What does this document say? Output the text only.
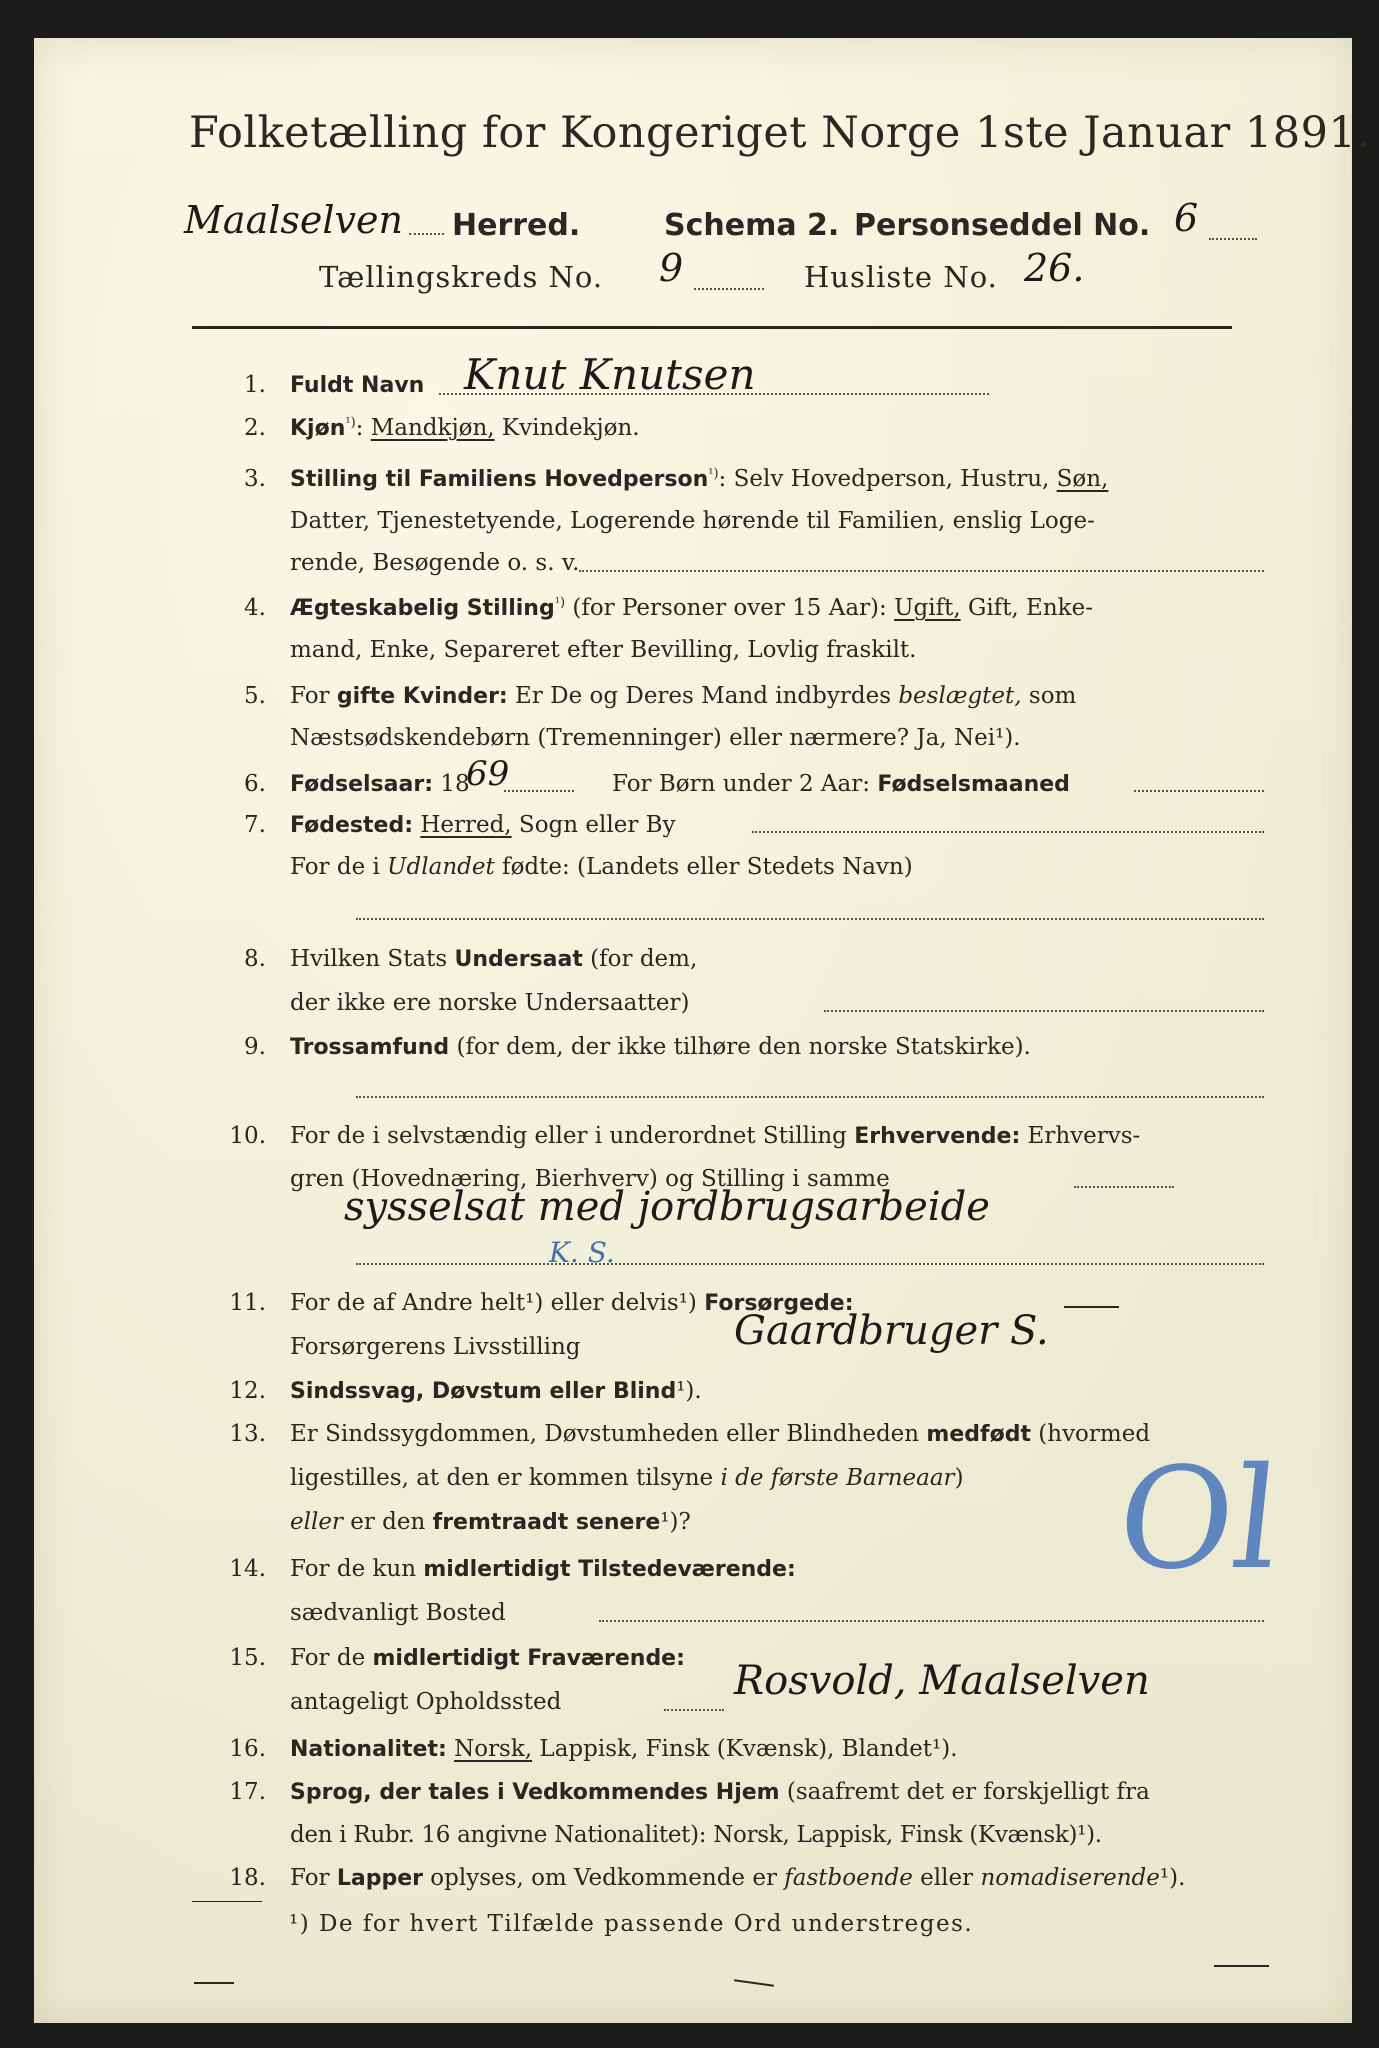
Folketælling for Kongeriget Norge 1ste Januar 1891.
Maalselven Herred.	Schema 2. Personseddel No. 6
Tællingskreds No. 9	Husliste No. 26.
1. Fuldt Navn Knut Knutsen
2. Kjøn$^{^1)}$: Mandkjøn, Kvindekjøn.
3. Stilling til Familiens Hovedperson$^{^1)}$: Selv Hovedperson, Hustru, Søn,
Datter, Tjenestetyende, Logerende hørende til Familien, enslig Loge-
rende, Besøgende o. s. v.
4. Ægteskabelig Stilling$^{^1)}$ (for Personer over 15 Aar): Ugift, Gift, Enke-
mand, Enke, Separeret efter Bevilling, Lovlig fraskilt.
5. For gifte Kvinder: Er De og Deres Mand indbyrdes beslægtet, som
Næstsødskendebørn (Tremenninger) eller nærmere? Ja, Nei¹).
6. Fødselsaar: 18
69	For Børn under 2 Aar: Fødselsmaaned
7. Fødested: Herred, Sogn eller By
For de i Udlandet fødte: (Landets eller Stedets Navn)
8. Hvilken Stats Undersaat (for dem,
der ikke ere norske Undersaatter)
9. Trossamfund (for dem, der ikke tilhøre den norske Statskirke).
10. For de i selvstændig eller i underordnet Stilling Erhvervende: Erhvervs-
gren (Hovednæring, Bierhverv) og Stilling i samme
sysselsat med jordbrugsarbeide
K. S.
11. For de af Andre helt¹) eller delvis¹) Forsørgede:
Forsørgerens Livsstilling	Gaardbruger S.
12. Sindssvag, Døvstum eller Blind¹).
13. Er Sindssygdommen, Døvstumheden eller Blindheden medfødt (hvormed
ligestilles, at den er kommen tilsyne i de første Barneaar)
eller er den fremtraadt senere¹)?	Ol
14. For de kun midlertidigt Tilstedeværende:
sædvanligt Bosted
15. For de midlertidigt Fraværende:
antageligt Opholdssted	Rosvold, Maalselven
16. Nationalitet: Norsk, Lappisk, Finsk (Kvænsk), Blandet¹).
17. Sprog, der tales i Vedkommendes Hjem (saafremt det er forskjelligt fra
den i Rubr. 16 angivne Nationalitet): Norsk, Lappisk, Finsk (Kvænsk)¹).
18. For Lapper oplyses, om Vedkommende er fastboende eller nomadiserende¹).
¹) De for hvert Tilfælde passende Ord understreges.
